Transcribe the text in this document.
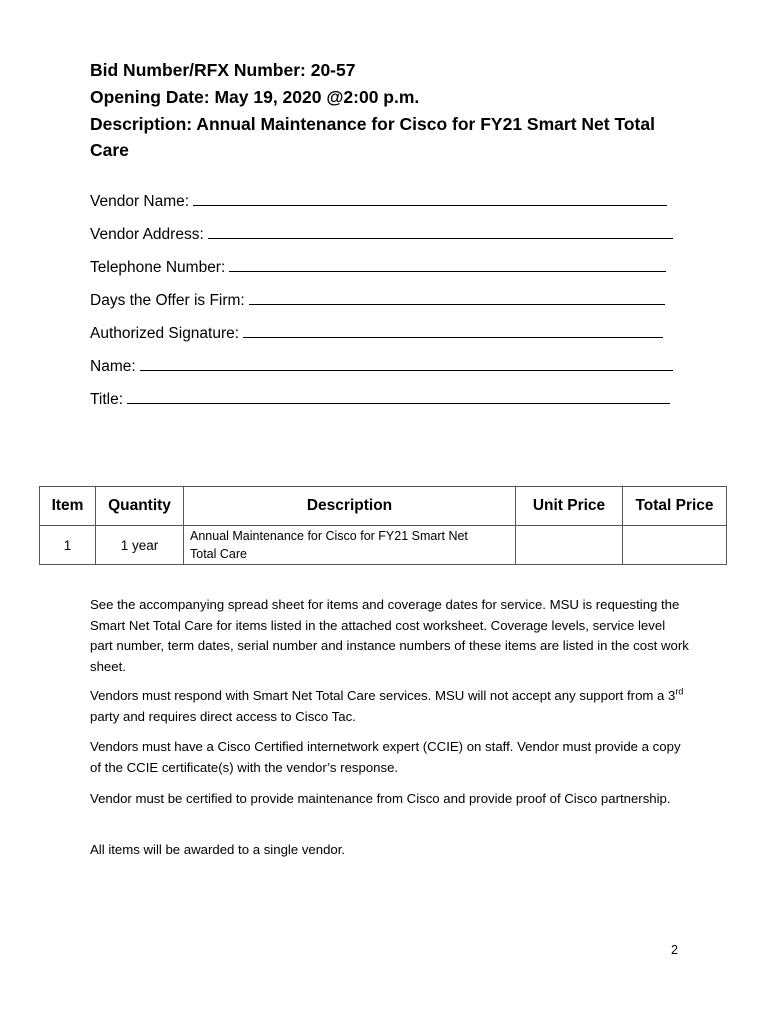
Bid Number/RFX Number: 20-57
Opening Date: May 19, 2020 @2:00 p.m.
Description: Annual Maintenance for Cisco for FY21 Smart Net Total
Care
Vendor Name:
Vendor Address:
Telephone Number:
Days the Offer is Firm:
Authorized Signature:
Name:
Title:
Item	Quantity	Description	Unit Price	Total Price
1	1 year	Annual Maintenance for Cisco for FY21 Smart Net
Total Care		

See the accompanying spread sheet for items and coverage dates for service. MSU is requesting the Smart Net Total Care for items listed in the attached cost worksheet. Coverage levels, service level part number, term dates, serial number and instance numbers of these items are listed in the cost work sheet.
Vendors must respond with Smart Net Total Care services. MSU will not accept any support from a 3rd party and requires direct access to Cisco Tac.
Vendors must have a Cisco Certified internetwork expert (CCIE) on staff. Vendor must provide a copy of the CCIE certificate(s) with the vendor’s response.
Vendor must be certified to provide maintenance from Cisco and provide proof of Cisco partnership.
All items will be awarded to a single vendor.
2
